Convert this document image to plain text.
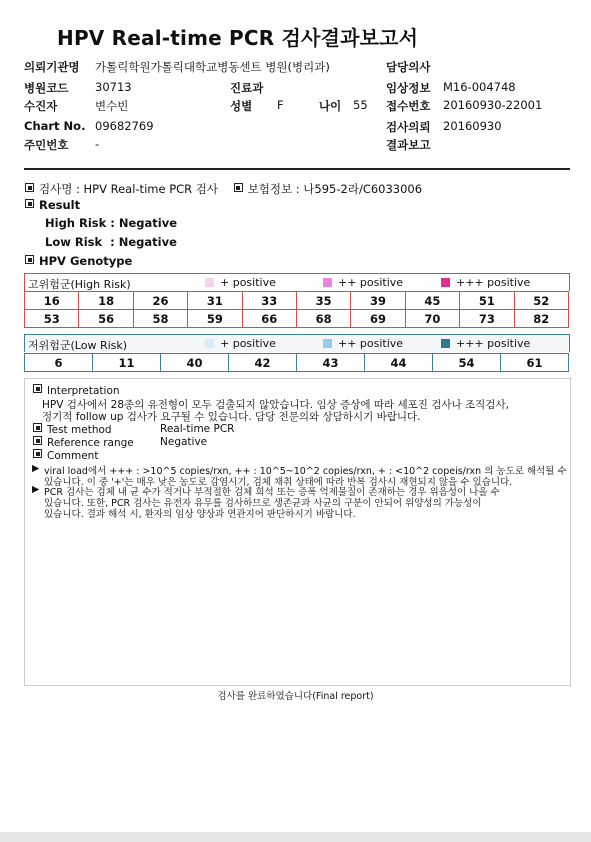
HPV Real-time PCR 검사결과보고서
의뢰기관명 가톨릭학원가톨릭대학교병동센트 병원(병리과)	담당의사
병원코드 30713	진료과	임상정보 M16-004748
수진자	변수빈	성별 F	나이 55 접수번호 20160930-22001
Chart No. 09682769	검사의뢰 20160930
주민번호 -	결과보고
검사명 : HPV Real-time PCR 검사	보험정보 : 나595-2라/C6033006
Result
High Risk : Negative
Low Risk  : Negative
HPV Genotype
고위험군(High Risk)	+ positive	++ positive	+++ positive
16	18	26	31	33	35	39	45	51	52
53	56	58	59	66	68	69	70	73	82
저위험군(Low Risk)	+ positive	++ positive	+++ positive
6	11	40	42	43	44	54	61
Interpretation
HPV 검사에서 28종의 유전형이 모두 검출되지 않았습니다. 임상 증상에 따라 세포진 검사나 조직검사,
정기적 follow up 검사가 요구될 수 있습니다. 담당 전문의와 상담하시기 바랍니다.
Test method	Real-time PCR
Reference range	Negative
Comment
▶ viral load에서 +++ : >10^5 copies/rxn, ++ : 10^5~10^2 copies/rxn, + : <10^2 copeis/rxn 의 농도로 해석될 수
있습니다. 이 중 '+'는 매우 낮은 농도로 감염시기, 검체 채취 상태에 따라 반복 검사시 재현되지 않을 수 있습니다.
▶ PCR 검사는 검체 내 균 수가 적거나 부적절한 검체 희석 또는 증폭 억제물질이 존재하는 경우 위음성이 나올 수
있습니다. 또한, PCR 검사는 유전자 유무를 검사하므로 생존균과 사균의 구분이 안되어 위양성의 가능성이
있습니다. 결과 해석 시, 환자의 임상 양상과 연관지어 판단하시기 바랍니다.
검사를 완료하였습니다(Final report)
